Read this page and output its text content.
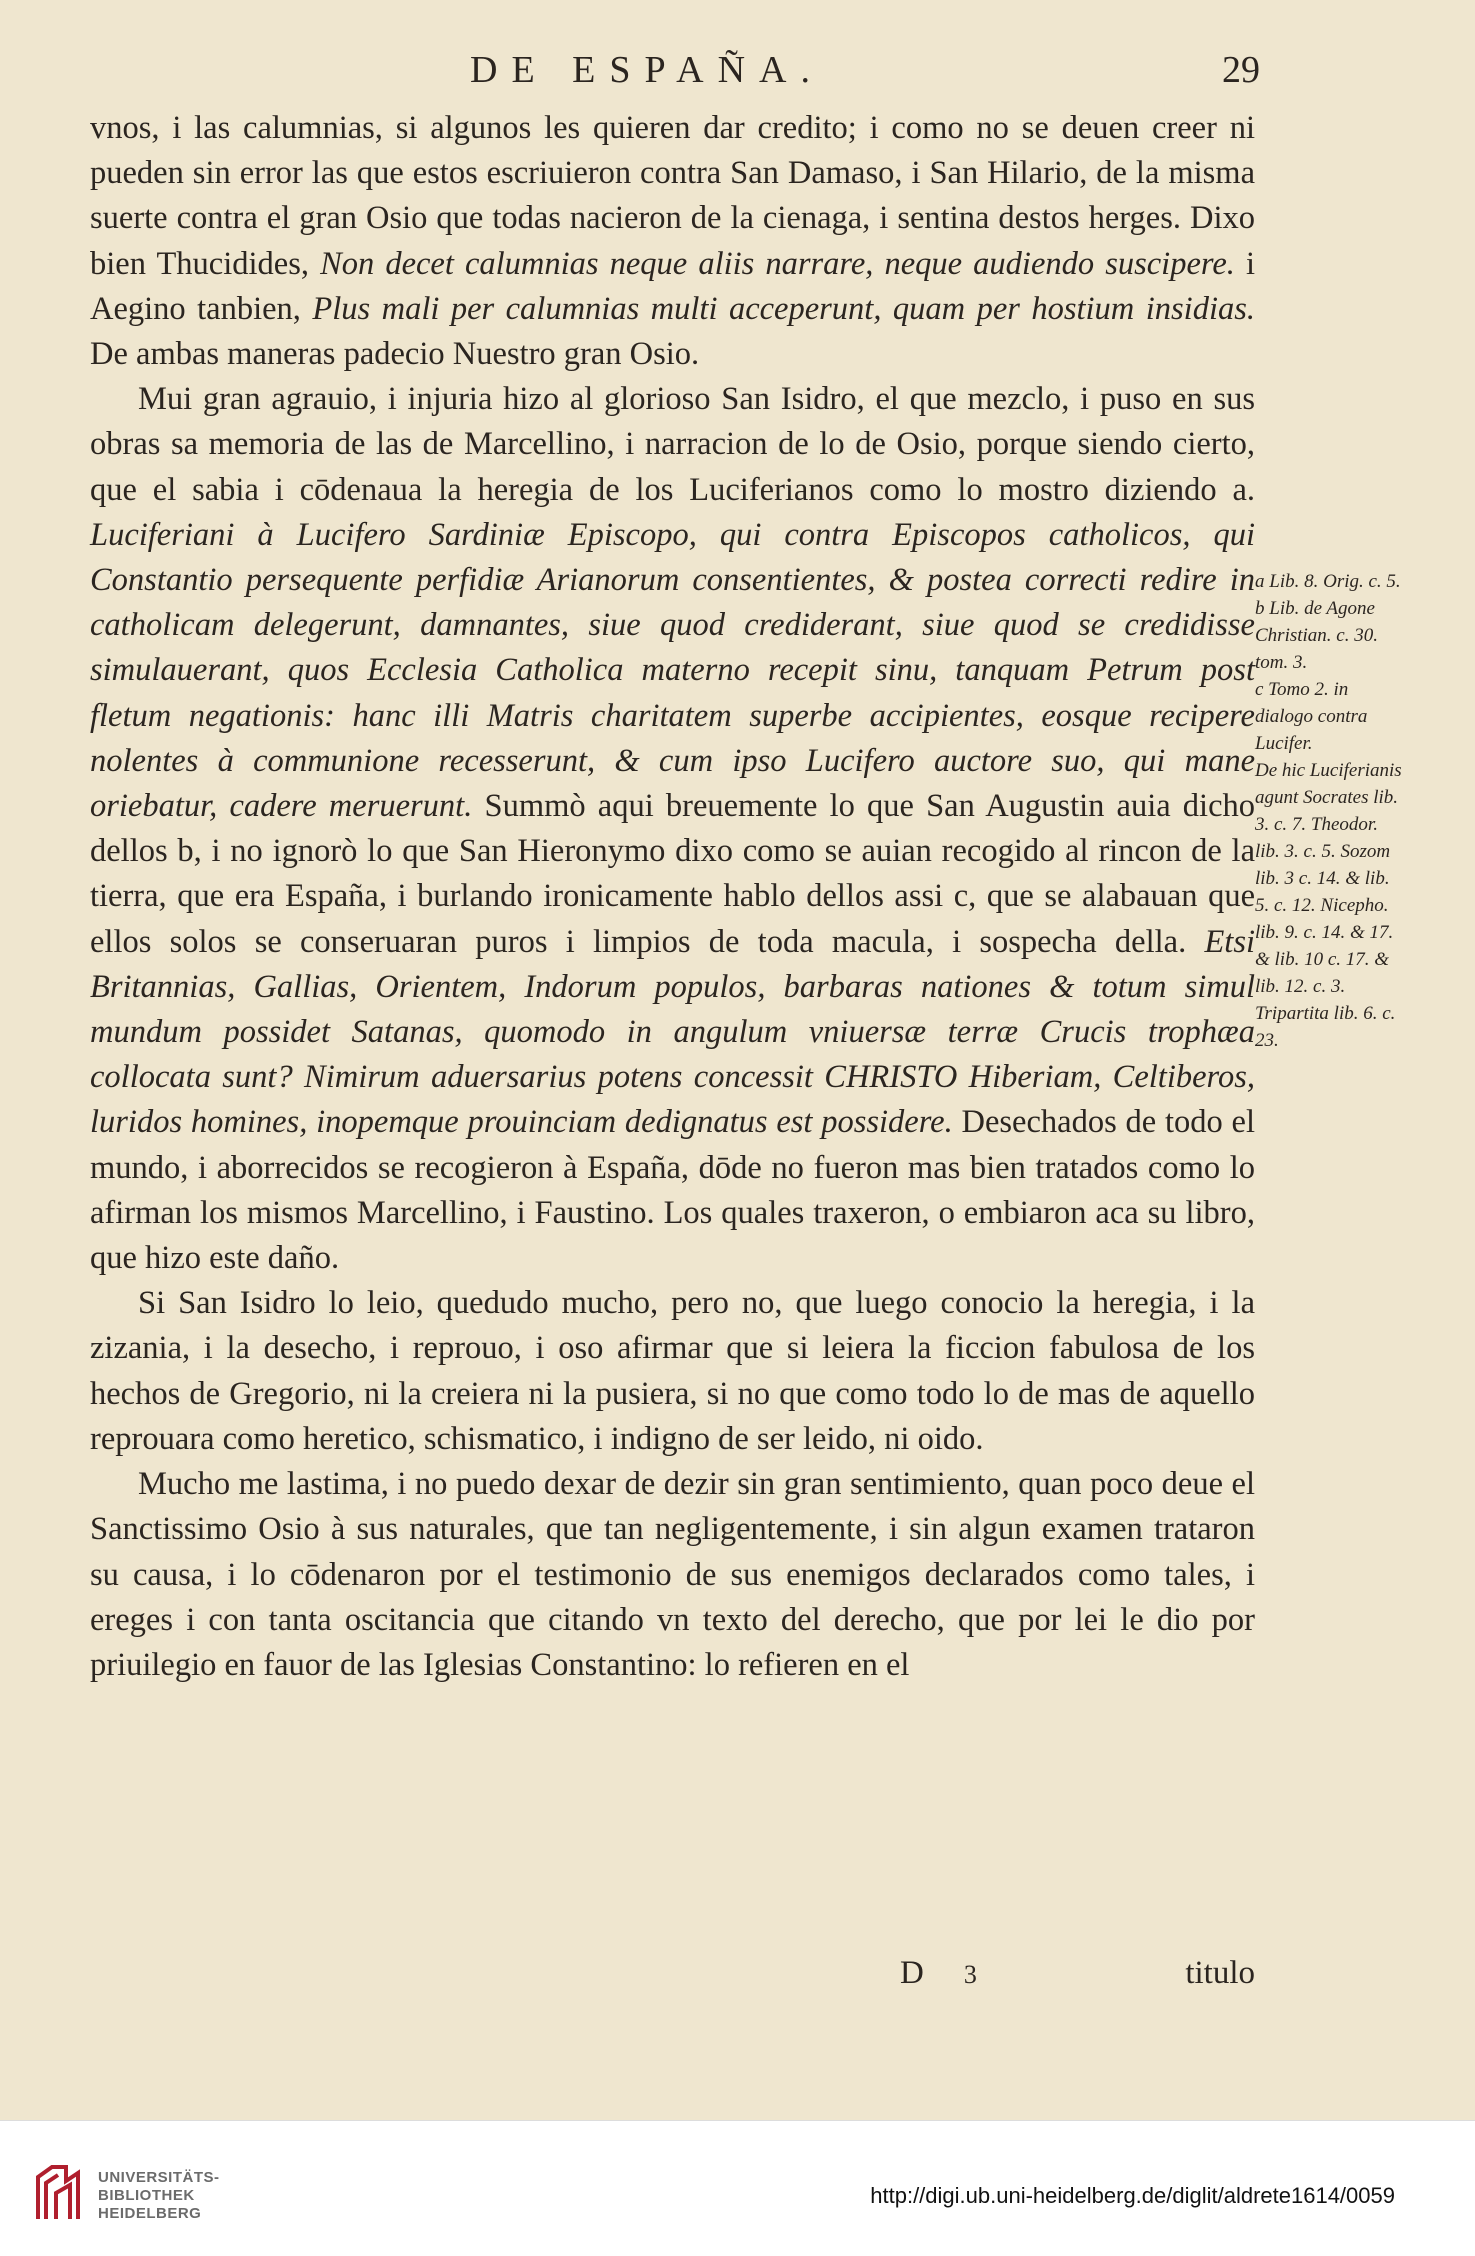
DE ESPAÑA.	29

vnos, i las calumnias, si algunos les quieren dar credito; i como no se deuen creer ni pueden sin error las que estos escriuieron contra San Damaso, i San Hilario, de la misma suerte contra el gran Osio que todas nacieron de la cienaga, i sentina destos herges. Dixo bien Thucidides, Non decet calumnias neque aliis narrare, neque audiendo suscipere. i Aegino tanbien, Plus mali per calumnias multi acceperunt, quam per hostium insidias. De ambas maneras padecio Nuestro gran Osio.

Mui gran agrauio, i injuria hizo al glorioso San Isidro, el que mezclo, i puso en sus obras sa memoria de las de Marcellino, i narracion de lo de Osio, porque siendo cierto, que el sabia i cōdenaua la heregia de los Luciferianos como lo mostro diziendo a. Luciferiani à Lucifero Sardiniæ Episcopo, qui contra Episcopos catholicos, qui Constantio persequente perfidiæ Arianorum consentientes, & postea correcti redire in catholicam delegerunt, damnantes, siue quod crediderant, siue quod se credidisse simulauerant, quos Ecclesia Catholica materno recepit sinu, tanquam Petrum post fletum negationis: hanc illi Matris charitatem superbe accipientes, eosque recipere nolentes à communione recesserunt, & cum ipso Lucifero auctore suo, qui mane oriebatur, cadere meruerunt. Summò aqui breuemente lo que San Augustin auia dicho dellos b, i no ignorò lo que San Hieronymo dixo como se auian recogido al rincon de la tierra, que era España, i burlando ironicamente hablo dellos assi c, que se alabauan que ellos solos se conseruaran puros i limpios de toda macula, i sospecha della. Etsi Britannias, Gallias, Orientem, Indorum populos, barbaras nationes & totum simul mundum possidet Satanas, quomodo in angulum vniuersæ terræ Crucis trophæa collocata sunt? Nimirum aduersarius potens concessit CHRISTO Hiberiam, Celtiberos, luridos homines, inopemque prouinciam dedignatus est possidere. Desechados de todo el mundo, i aborrecidos se recogieron à España, dōde no fueron mas bien tratados como lo afirman los mismos Marcellino, i Faustino. Los quales traxeron, o embiaron aca su libro, que hizo este daño.

Si San Isidro lo leio, quedudo mucho, pero no, que luego conocio la heregia, i la zizania, i la desecho, i reprouo, i oso afirmar que si leiera la ficcion fabulosa de los hechos de Gregorio, ni la creiera ni la pusiera, si no que como todo lo de mas de aquello reprouara como heretico, schismatico, i indigno de ser leido, ni oido.

Mucho me lastima, i no puedo dexar de dezir sin gran sentimiento, quan poco deue el Sanctissimo Osio à sus naturales, que tan negligentemente, i sin algun examen trataron su causa, i lo cōdenaron por el testimonio de sus enemigos declarados como tales, i ereges i con tanta oscitancia que citando vn texto del derecho, que por lei le dio por priuilegio en fauor de las Iglesias Constantino: lo refieren en el

a Lib. 8. Orig. c. 5.
b Lib. de Agone Christian. c. 30. tom. 3.
c Tomo 2. in dialogo contra Lucifer.
De hic Luciferianis agunt Socrates lib. 3. c. 7. Theodor. lib. 3. c. 5. Sozom lib. 3 c. 14. & lib. 5. c. 12. Nicepho. lib. 9. c. 14. & 17. & lib. 10 c. 17. & lib. 12. c. 3. Tripartita lib. 6. c. 23.
D 3	titulo
UNIVERSITÄTS-
BIBLIOTHEK
HEIDELBERG
http://digi.ub.uni-heidelberg.de/diglit/aldrete1614/0059
